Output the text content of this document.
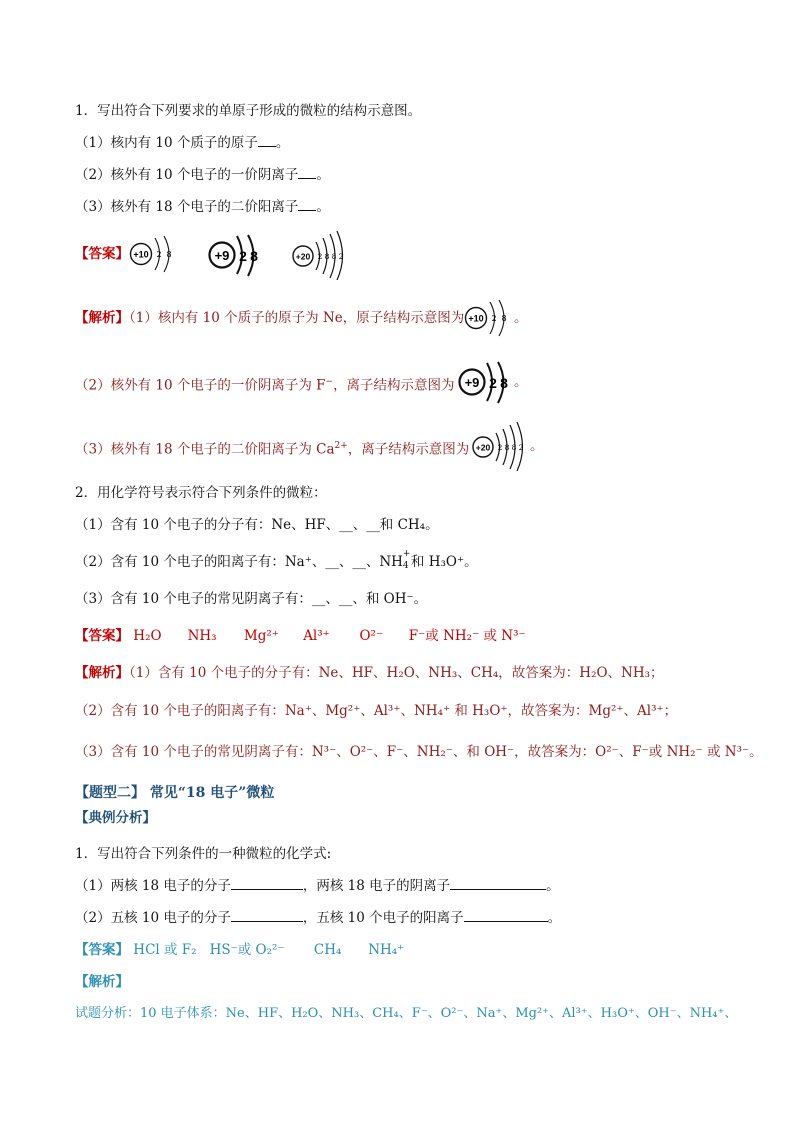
1．写出符合下列要求的单原子形成的微粒的结构示意图。
（1）核内有 10 个质子的原子 。
（2）核外有 10 个电子的一价阴离子 。
（3）核外有 18 个电子的二价阳离子 。
【答案】 +10 2 8	+9 2 8	+20 2 8 8 2
【解析】（1）核内有 10 个质子的原子为 Ne，原子结构示意图为 +10 2 8 。
（2）核外有 10 个电子的一价阴离子为 F−，离子结构示意图为 +9 2 8 。
（3）核外有 18 个电子的二价阳离子为 $Ca^{2+}$，离子结构示意图为 +20 2 8 8 2 。
2．用化学符号表示符合下列条件的微粒：
（1）含有 10 个电子的分子有：Ne、HF、__、__和 CH₄。
（2）含有 10 个电子的阳离子有：Na⁺、__、__、NH +
4 和 H₃O⁺。
（3）含有 10 个电子的常见阴离子有：__、__、和 OH⁻。
【答案】 H₂O NH₃ Mg²⁺ Al³⁺ O²⁻ F⁻或 NH₂⁻ 或 N³⁻
【解析】（1）含有 10 个电子的分子有：Ne、HF、H₂O、NH₃、CH₄，故答案为：H₂O、NH₃；
（2）含有 10 个电子的阳离子有：Na⁺、Mg²⁺、Al³⁺、NH₄⁺ 和 H₃O⁺，故答案为：Mg²⁺、Al³⁺；
（3）含有 10 个电子的常见阴离子有：N³⁻、O²⁻、F⁻、NH₂⁻、和 OH⁻，故答案为：O²⁻、F⁻或 NH₂⁻ 或 N³⁻。
【题型二】 常见“18 电子”微粒
【典例分析】
1．写出符合下列条件的一种微粒的化学式:
（1）两核 18 电子的分子	，两核 18 电子的阴离子	。
（2）五核 10 电子的分子	，五核 10 个电子的阳离子	。
【答案】 HCl 或 F₂ HS⁻或 O₂²⁻ CH₄ NH₄⁺
【解析】
试题分析：10 电子体系：Ne、HF、H₂O、NH₃、CH₄、F⁻、O²⁻、Na⁺、Mg²⁺、Al³⁺、H₃O⁺、OH⁻、NH₄⁺、
